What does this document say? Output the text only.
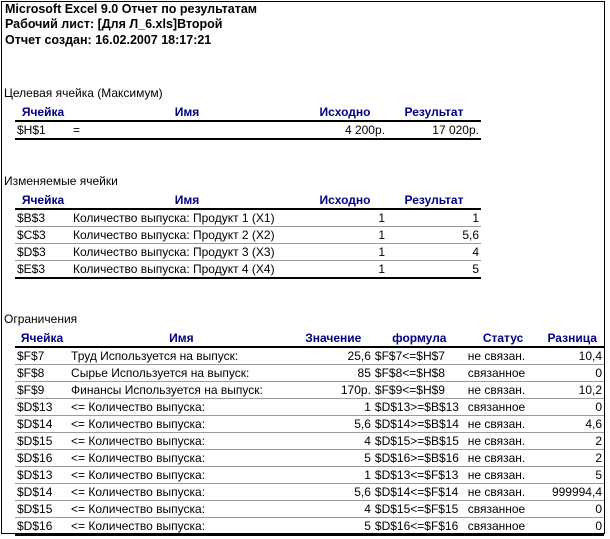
Microsoft Excel 9.0 Отчет по результатам
Рабочий лист: [Для Л_6.xls]Второй
Отчет создан: 16.02.2007 18:17:21
Целевая ячейка (Максимум)
Ячейка	Имя	Исходно	Результат
$H$1	=	4 200р.	17 020р.
Изменяемые ячейки
Ячейка	Имя	Исходно	Результат
$B$3	Количество выпуска: Продукт 1 (X1)	1	1
$C$3	Количество выпуска: Продукт 2 (X2)	1	5,6
$D$3	Количество выпуска: Продукт 3 (X3)	1	4
$E$3	Количество выпуска: Продукт 4 (X4)	1	5
Ограничения
Ячейка	Имя	Значение	формула	Статус	Разница
$F$7	Труд Используется на выпуск:	25,6	$F$7<=$H$7	не связан.	10,4
$F$8	Сырье Используется на выпуск:	85	$F$8<=$H$8	связанное	0
$F$9	Финансы Используется на выпуск:	170р.	$F$9<=$H$9	не связан.	10,2
$D$13	<= Количество выпуска:	1	$D$13>=$B$13	связанное	0
$D$14	<= Количество выпуска:	5,6	$D$14>=$B$14	не связан.	4,6
$D$15	<= Количество выпуска:	4	$D$15>=$B$15	не связан.	2
$D$16	<= Количество выпуска:	5	$D$16>=$B$16	не связан.	2
$D$13	<= Количество выпуска:	1	$D$13<=$F$13	не связан.	5
$D$14	<= Количество выпуска:	5,6	$D$14<=$F$14	не связан.	999994,4
$D$15	<= Количество выпуска:	4	$D$15<=$F$15	связанное	0
$D$16	<= Количество выпуска:	5	$D$16<=$F$16	связанное	0
